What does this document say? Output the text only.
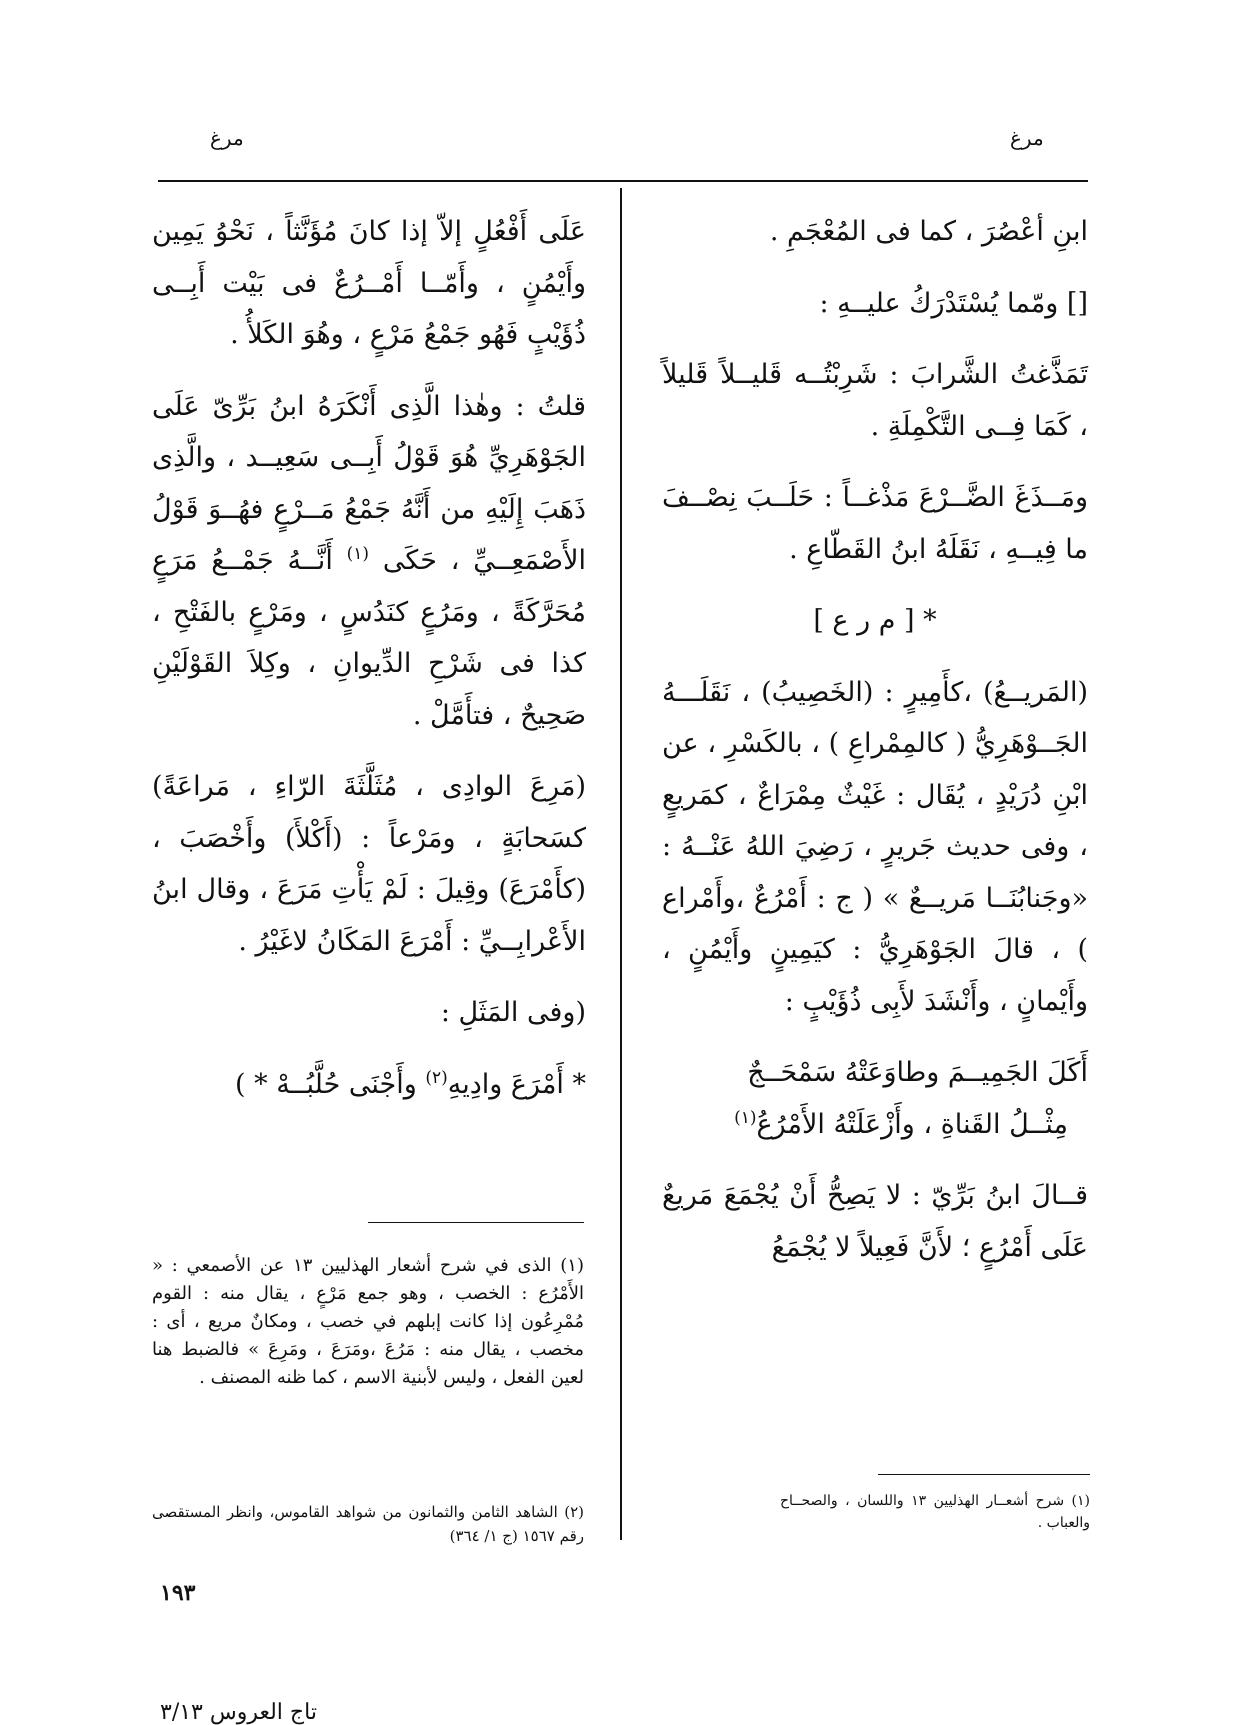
مرغ	مرغ

ابنِ أعْصُرَ ، كما فى المُعْجَمِ .

[] ومّما يُسْتَدْرَكُ عليــهِ :

تَمَذَّغتُ الشَّرابَ : شَرِبْتُــه قَليــلاً قَليلاً ، كَمَا فِــى التَّكْمِلَةِ .

ومَــذَغَ الضَّــرْعَ مَذْغــاً : حَلَــبَ نِصْــفَ ما فِيــهِ ، نَقَلَهُ ابنُ القَطّاعِ .

* [ م ر ع ]

(المَريــعُ) ،كأَمِيرٍ : (الخَصِيبُ) ، نَقَلَـــهُ الجَــوْهَرِيُّ ( كالمِمْراعِ ) ، بالكَسْرِ ، عن ابْنِ دُرَيْدٍ ، يُقَال : غَيْثٌ مِمْرَاعٌ ، كمَريعٍ ، وفى حديث جَريرٍ ، رَضِيَ اللهُ عَنْــهُ : «وجَنابُنَــا مَريــعٌ » ( ج : أَمْرُعٌ ،وأَمْراع ) ، قالَ الجَوْهَرِيُّ : كيَمِينٍ وأَيْمُنٍ ، وأَيْمانٍ ، وأَنْشَدَ لأَبِى ذُؤَيْبٍ :

أَكَلَ الجَمِيــمَ وطاوَعَتْهُ سَمْحَــجٌ

مِثْــلُ القَناةِ ، وأَزْعَلَتْهُ الأَمْرُعُ$^{(١)}$

قــالَ ابنُ بَرِّيّ : لا يَصِحُّ أَنْ يُجْمَعَ مَريعٌ عَلَى أَمْرُعٍ ؛ لأَنَّ فَعِيلاً لا يُجْمَعُ

عَلَى أَفْعُلٍ إلاّ إذا كانَ مُؤَنَّثاً ، نَحْوُ يَمِين وأَيْمُنٍ ، وأَمّــا أَمْــرُعٌ فى بَيْت أَبِــى ذُؤَيْبٍ فَهُو جَمْعُ مَرْعٍ ، وهُوَ الكَلأُ .

قلتُ : وهٰذا الَّذِى أَنْكَرَهُ ابنُ بَرِّىّ عَلَى الجَوْهَرِيِّ هُوَ قَوْلُ أَبِــى سَعِيــد ، والَّذِى ذَهَبَ إِلَيْهِ من أَنَّهُ جَمْعُ مَــرْعٍ فهُــوَ قَوْلُ الأَصْمَعِــيِّ ، حَكَى $^{(١)}$ أَنَّــهُ جَمْــعُ مَرَعٍ مُحَرَّكَةً ، ومَرُعٍ كنَدُسٍ ، ومَرْعٍ بالفَتْحِ ، كذا فى شَرْحِ الدِّيوانِ ، وكِلاَ القَوْلَيْنِ صَحِيحٌ ، فتأَمَّلْ .

(مَرِعَ الوادِى ، مُثَلَّثَةَ الرّاءِ ، مَراعَةً) كسَحابَةٍ ، ومَرْعاً : (أَكْلأَ) وأَخْصَبَ ، (كأَمْرَعَ) وقِيلَ : لَمْ يَأْتِ مَرَعَ ، وقال ابنُ الأَعْرابِــيِّ : أَمْرَعَ المَكَانُ لاغَيْرُ .

(وفى المَثَلِ :

* أَمْرَعَ وادِيهِ$^{(٢)}$ وأَجْنَى حُلَّبُــهْ * )

(١) الذى في شرح أشعار الهذليين ١٣ عن الأصمعي : « الأَمْرُع : الخصب ، وهو جمع مَرْعٍ ، يقال منه : القوم مُمْرِعُون إذا كانت إبلهم في خصب ، ومكانٌ مريع ، أى : مخصب ، يقال منه : مَرُعَ ،ومَرَعَ ، ومَرِعَ » فالضبط هنا لعين الفعل ، وليس لأبنية الاسم ، كما ظنه المصنف .
(٢) الشاهد الثامن والثمانون من شواهد القاموس، وانظر المستقصى رقم ١٥٦٧ (ج ١/ ٣٦٤)
(١) شرح أشعــار الهذليين ١٣ واللسان ، والصحــاح والعباب .
١٩٣
تاج العروس ٣/١٣
